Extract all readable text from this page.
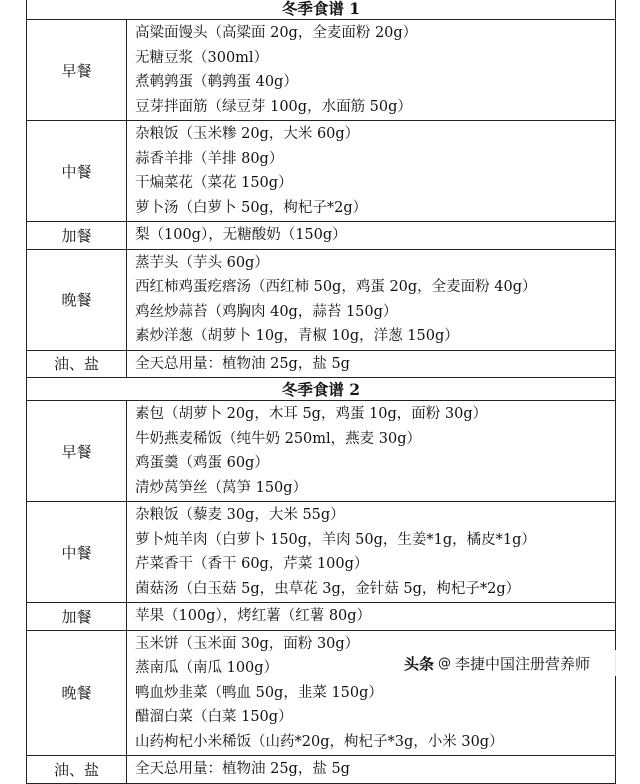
冬季食谱 1	
早餐	高粱面馒头（高粱面 20g，全麦面粉 20g）
无糖豆浆（300ml）
煮鹌鹑蛋（鹌鹑蛋 40g）
豆芽拌面筋（绿豆芽 100g，水面筋 50g）

中餐	杂粮饭（玉米糁 20g，大米 60g）
蒜香羊排（羊排 80g）
干煸菜花（菜花 150g）
萝卜汤（白萝卜 50g，枸杞子*2g）

加餐	梨（100g），无糖酸奶（150g）

晚餐	蒸芋头（芋头 60g）
西红柿鸡蛋疙瘩汤（西红柿 50g，鸡蛋 20g，全麦面粉 40g）
鸡丝炒蒜苔（鸡胸肉 40g，蒜苔 150g）
素炒洋葱（胡萝卜 10g，青椒 10g，洋葱 150g）

油、盐	全天总用量：植物油 25g，盐 5g

冬季食谱 2	
早餐	素包（胡萝卜 20g，木耳 5g，鸡蛋 10g，面粉 30g）
牛奶燕麦稀饭（纯牛奶 250ml，燕麦 30g）
鸡蛋羹（鸡蛋 60g）
清炒莴笋丝（莴笋 150g）

中餐	杂粮饭（藜麦 30g，大米 55g）
萝卜炖羊肉（白萝卜 150g，羊肉 50g，生姜*1g，橘皮*1g）
芹菜香干（香干 60g，芹菜 100g）
菌菇汤（白玉菇 5g，虫草花 3g，金针菇 5g，枸杞子*2g）

加餐	苹果（100g），烤红薯（红薯 80g）

晚餐	玉米饼（玉米面 30g，面粉 30g）
蒸南瓜（南瓜 100g）
鸭血炒韭菜（鸭血 50g，韭菜 150g）
醋溜白菜（白菜 150g）
山药枸杞小米稀饭（山药*20g，枸杞子*3g，小米 30g）

油、盐	全天总用量：植物油 25g，盐 5g
头条 @ 李捷中国注册营养师
